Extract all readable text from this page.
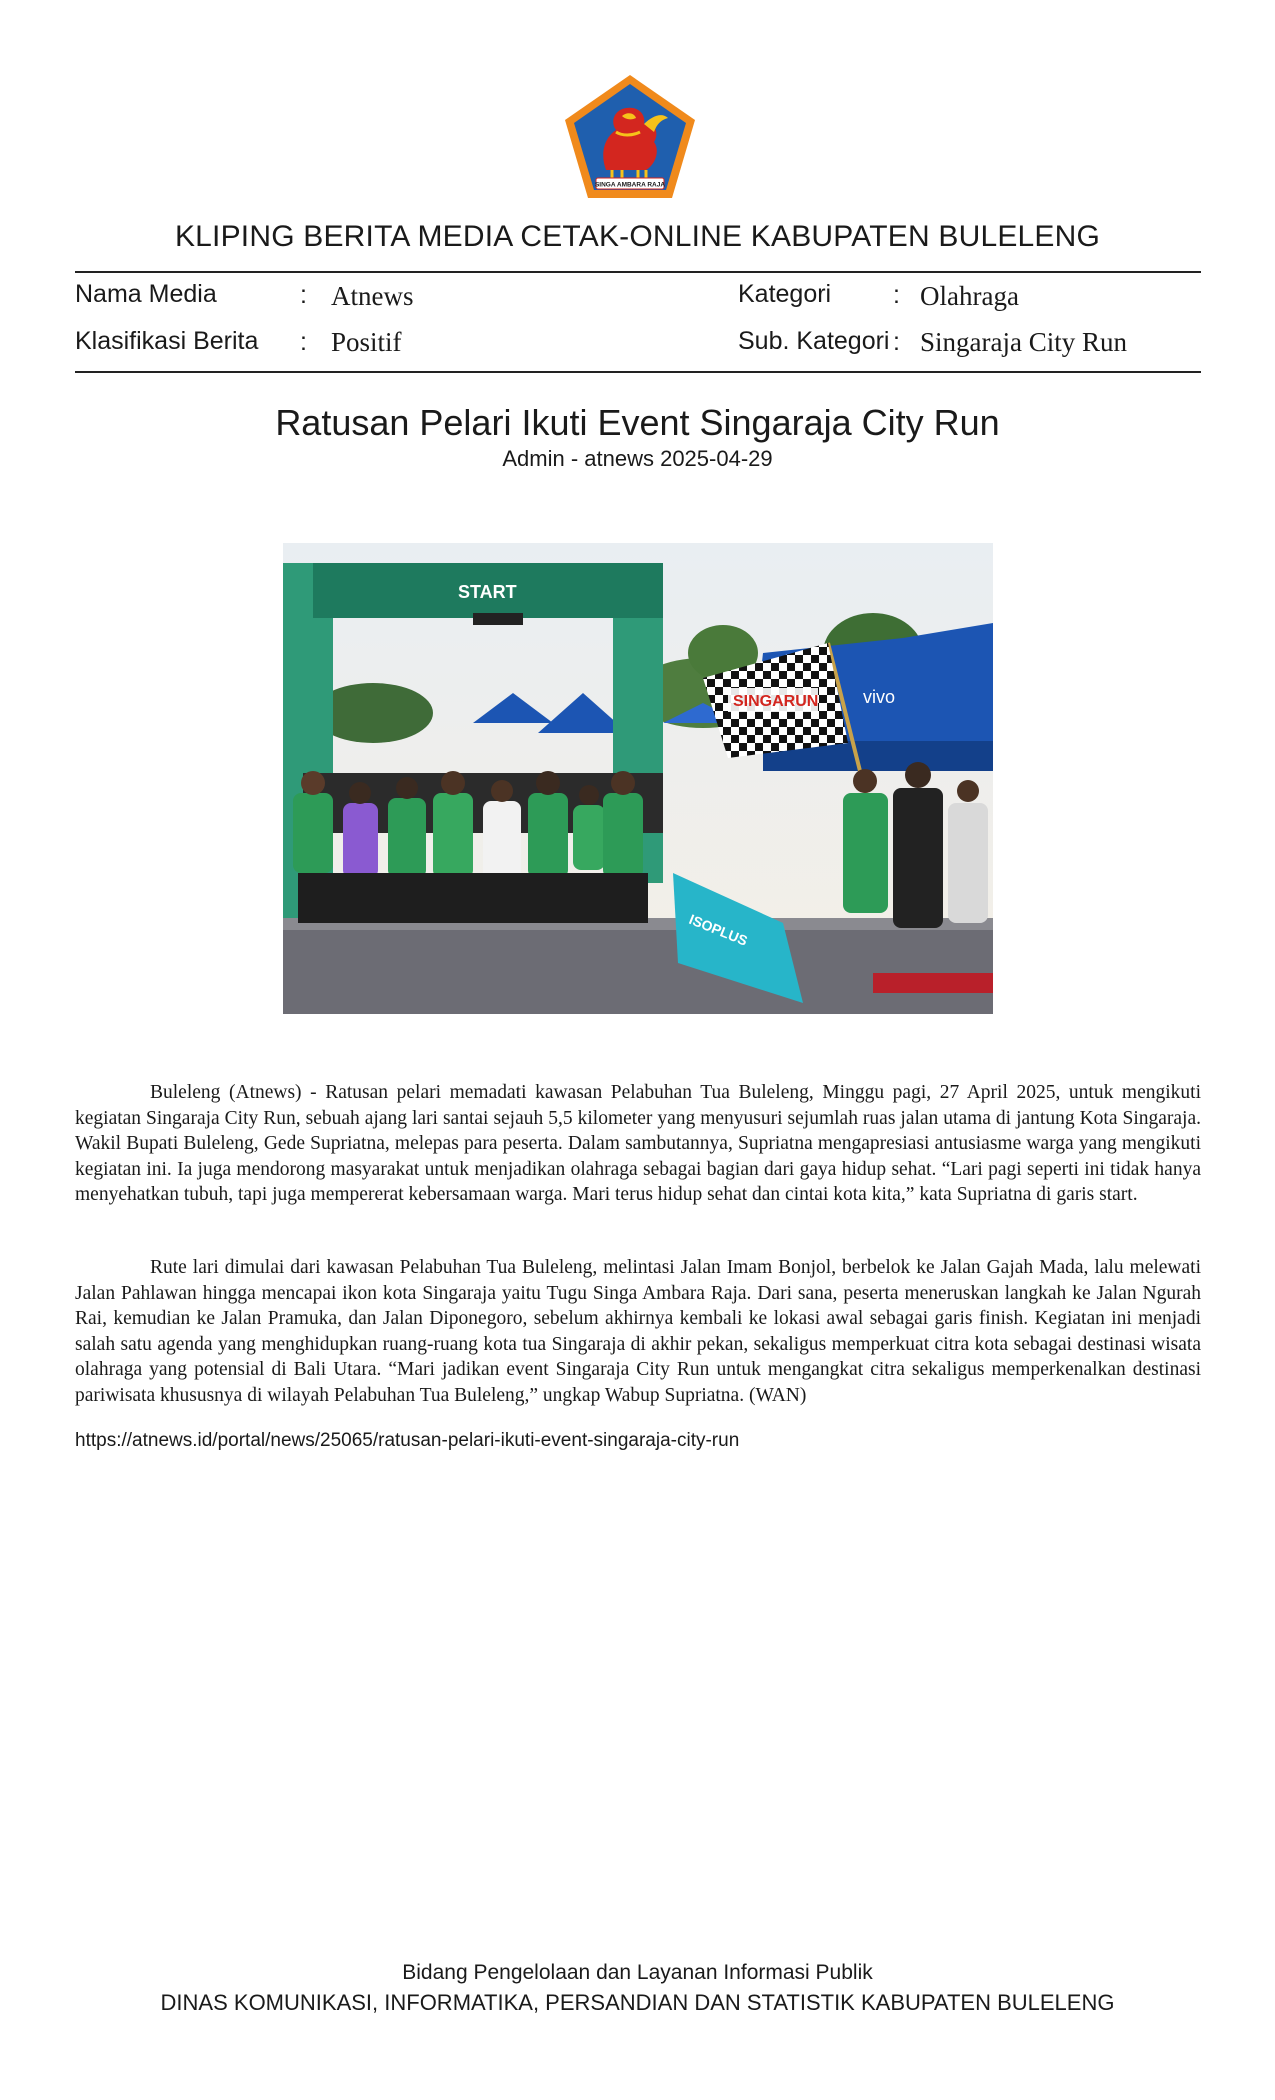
SINGA AMBARA RAJA
KLIPING BERITA MEDIA CETAK-ONLINE KABUPATEN BULELENG
Nama Media	: Atnews
Klasifikasi Berita : Positif
Kategori : Olahraga
Sub. Kategori : Singaraja City Run
Ratusan Pelari Ikuti Event Singaraja City Run
Admin - atnews 2025-04-29
vivo
START
ISOPLUS
SINGARUN
Buleleng (Atnews) - Ratusan pelari memadati kawasan Pelabuhan Tua Buleleng, Minggu pagi, 27 April 2025, untuk mengikuti kegiatan Singaraja City Run, sebuah ajang lari santai sejauh 5,5 kilometer yang menyusuri sejumlah ruas jalan utama di jantung Kota Singaraja. Wakil Bupati Buleleng, Gede Supriatna, melepas para peserta. Dalam sambutannya, Supriatna mengapresiasi antusiasme warga yang mengikuti kegiatan ini. Ia juga mendorong masyarakat untuk menjadikan olahraga sebagai bagian dari gaya hidup sehat. “Lari pagi seperti ini tidak hanya menyehatkan tubuh, tapi juga mempererat kebersamaan warga. Mari terus hidup sehat dan cintai kota kita,” kata Supriatna di garis start.
Rute lari dimulai dari kawasan Pelabuhan Tua Buleleng, melintasi Jalan Imam Bonjol, berbelok ke Jalan Gajah Mada, lalu melewati Jalan Pahlawan hingga mencapai ikon kota Singaraja yaitu Tugu Singa Ambara Raja. Dari sana, peserta meneruskan langkah ke Jalan Ngurah Rai, kemudian ke Jalan Pramuka, dan Jalan Diponegoro, sebelum akhirnya kembali ke lokasi awal sebagai garis finish. Kegiatan ini menjadi salah satu agenda yang menghidupkan ruang-ruang kota tua Singaraja di akhir pekan, sekaligus memperkuat citra kota sebagai destinasi wisata olahraga yang potensial di Bali Utara. “Mari jadikan event Singaraja City Run untuk mengangkat citra sekaligus memperkenalkan destinasi pariwisata khususnya di wilayah Pelabuhan Tua Buleleng,” ungkap Wabup Supriatna. (WAN)
https://atnews.id/portal/news/25065/ratusan-pelari-ikuti-event-singaraja-city-run
Bidang Pengelolaan dan Layanan Informasi Publik
DINAS KOMUNIKASI, INFORMATIKA, PERSANDIAN DAN STATISTIK KABUPATEN BULELENG
